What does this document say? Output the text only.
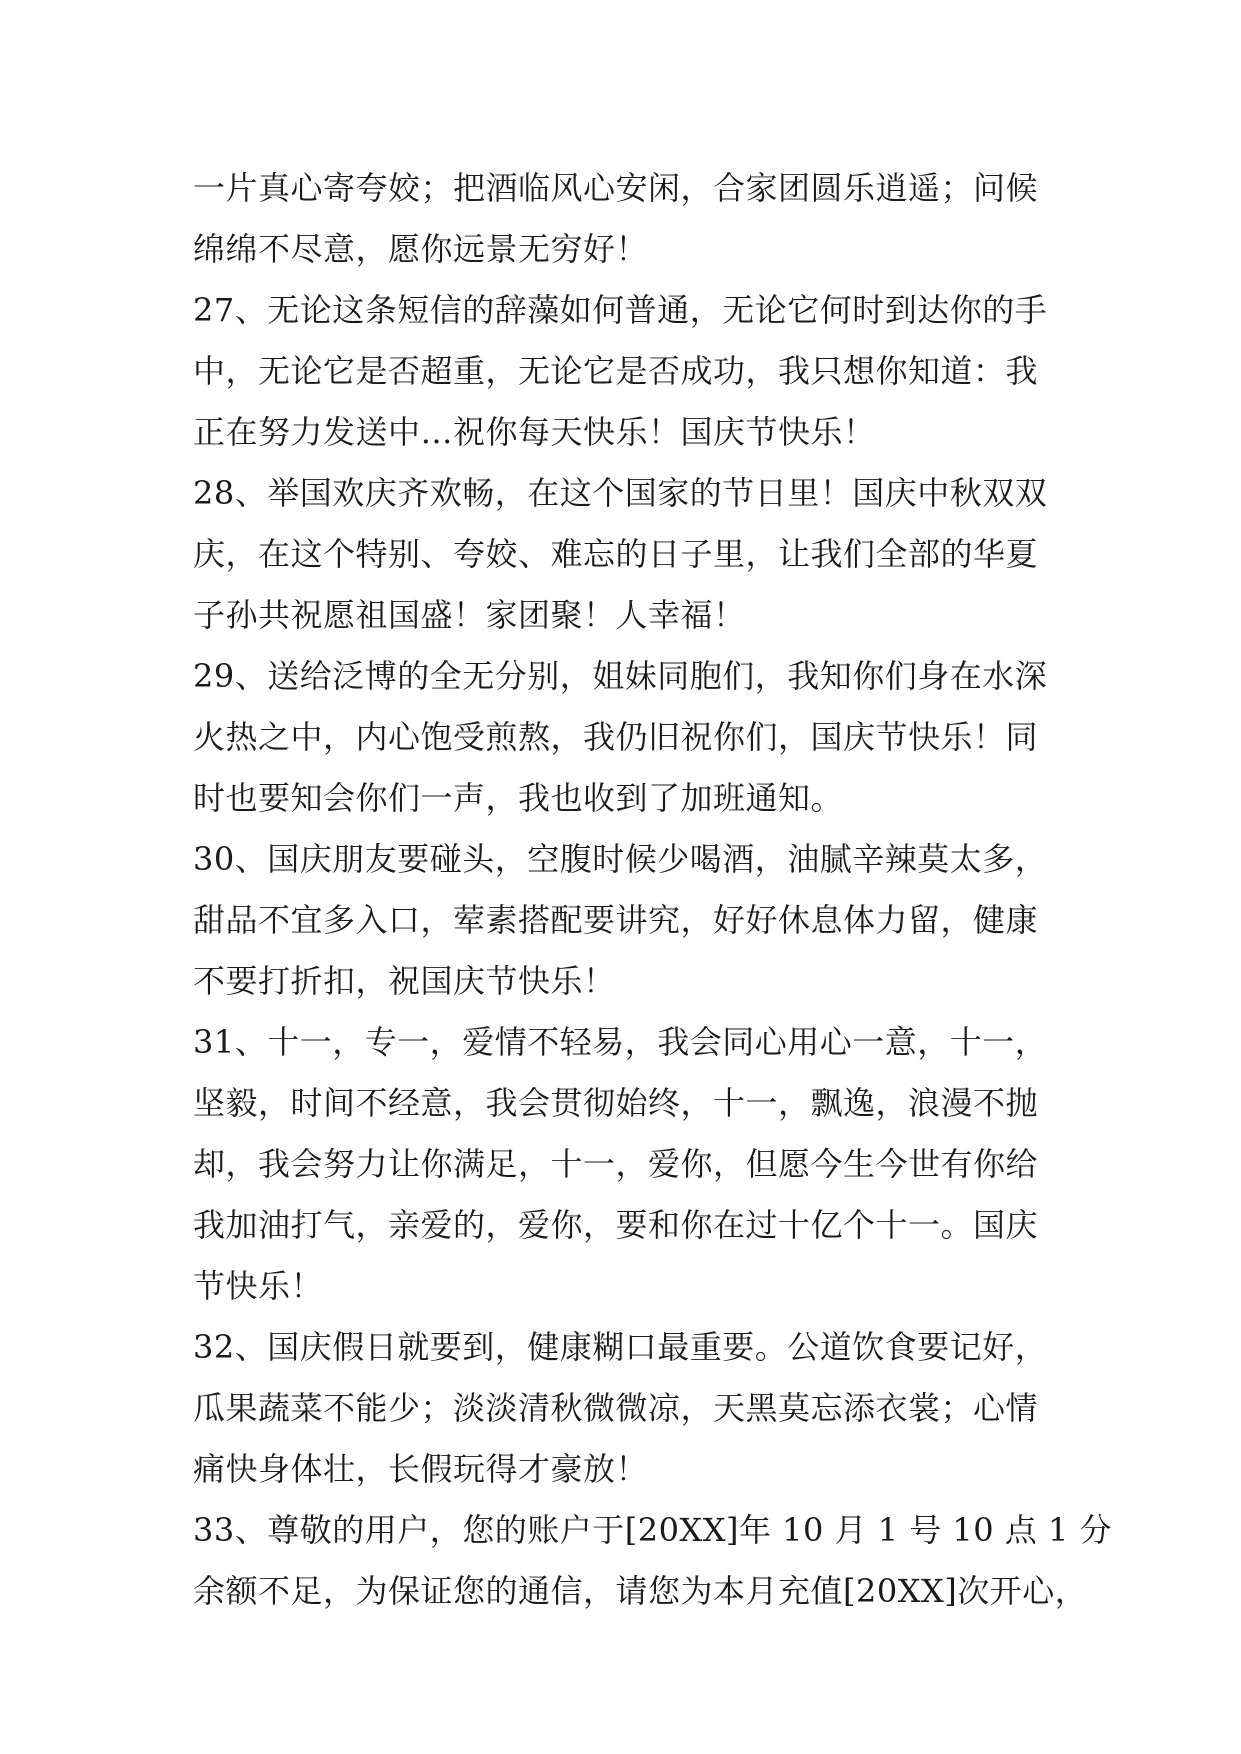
一片真心寄夸姣；把酒临风心安闲，合家团圆乐逍遥；问候
绵绵不尽意，愿你远景无穷好！
27、无论这条短信的辞藻如何普通，无论它何时到达你的手
中，无论它是否超重，无论它是否成功，我只想你知道：我
正在努力发送中…祝你每天快乐！国庆节快乐！
28、举国欢庆齐欢畅，在这个国家的节日里！国庆中秋双双
庆，在这个特别、夸姣、难忘的日子里，让我们全部的华夏
子孙共祝愿祖国盛！家团聚！人幸福！
29、送给泛博的全无分别，姐妹同胞们，我知你们身在水深
火热之中，内心饱受煎熬，我仍旧祝你们，国庆节快乐！同
时也要知会你们一声，我也收到了加班通知。
30、国庆朋友要碰头，空腹时候少喝酒，油腻辛辣莫太多，
甜品不宜多入口，荤素搭配要讲究，好好休息体力留，健康
不要打折扣，祝国庆节快乐！
31、十一，专一，爱情不轻易，我会同心用心一意，十一，
坚毅，时间不经意，我会贯彻始终，十一，飘逸，浪漫不抛
却，我会努力让你满足，十一，爱你，但愿今生今世有你给
我加油打气，亲爱的，爱你，要和你在过十亿个十一。国庆
节快乐！
32、国庆假日就要到，健康糊口最重要。公道饮食要记好，
瓜果蔬菜不能少；淡淡清秋微微凉，天黑莫忘添衣裳；心情
痛快身体壮，长假玩得才豪放！
33、尊敬的用户，您的账户于[20XX]年 10 月 1 号 10 点 1 分
余额不足，为保证您的通信，请您为本月充值[20XX]次开心，
